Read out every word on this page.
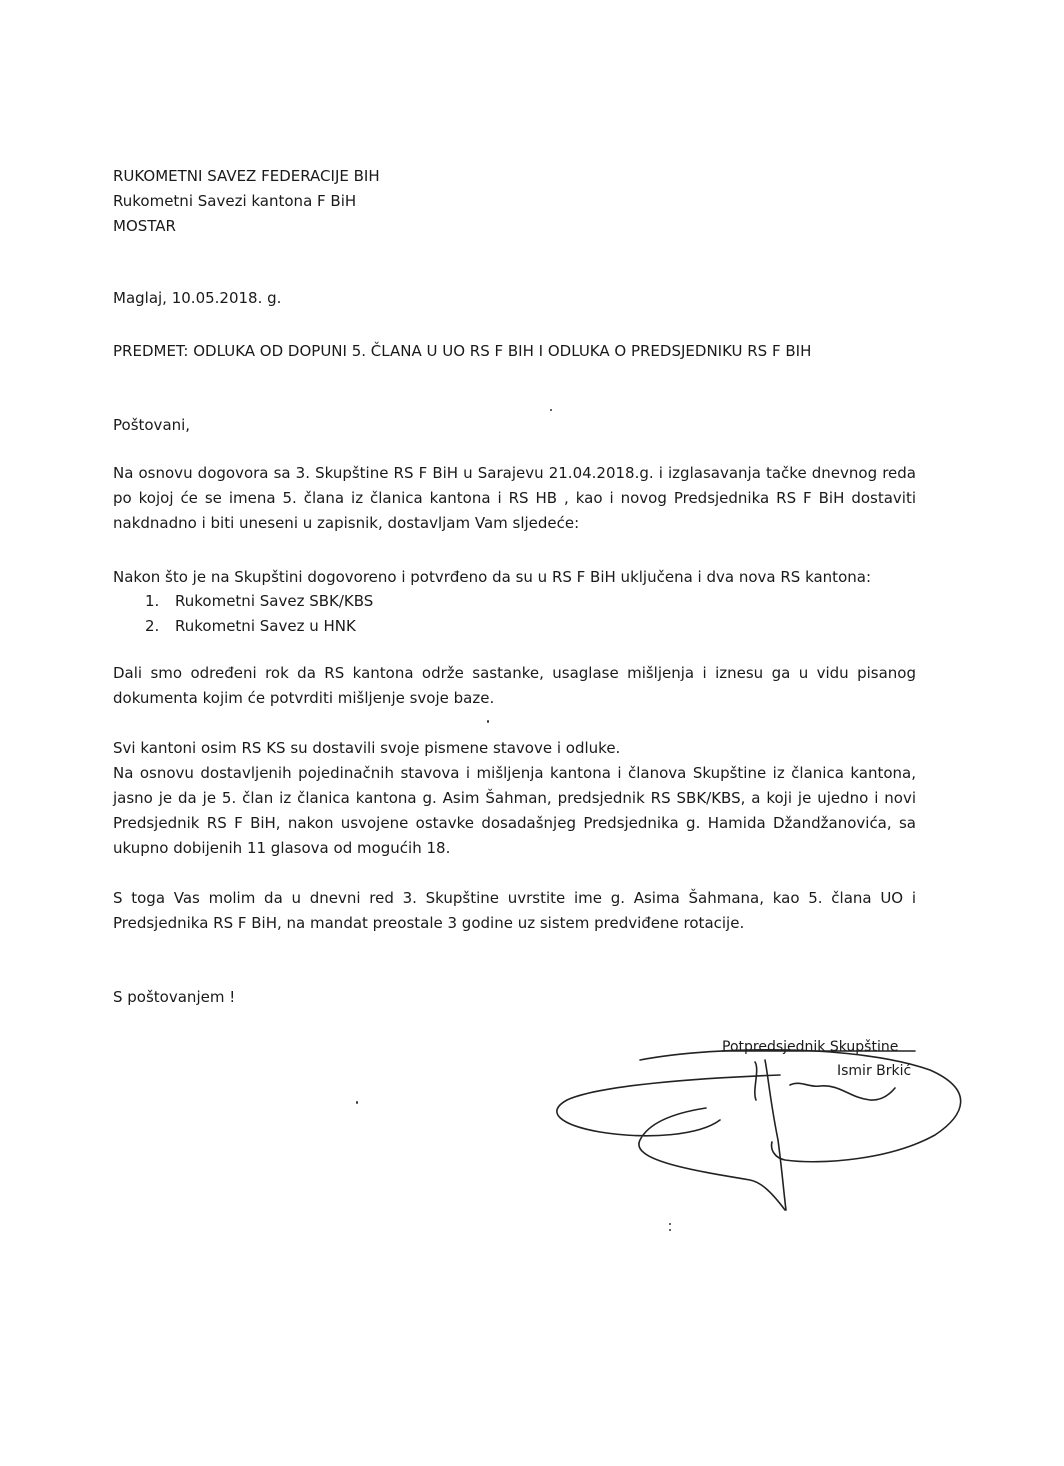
RUKOMETNI SAVEZ FEDERACIJE BIH
Rukometni Savezi kantona F BiH
MOSTAR
Maglaj, 10.05.2018. g.
PREDMET: ODLUKA OD DOPUNI 5. ČLANA U UO RS F BIH I ODLUKA O PREDSJEDNIKU RS F BIH
Poštovani,

Na osnovu dogovora sa 3. Skupštine RS F BiH u Sarajevu 21.04.2018.g. i izglasavanja tačke dnevnog reda po kojoj će se imena 5. člana iz članica kantona i RS HB , kao i novog Predsjednika RS F BiH dostaviti nakdnadno i biti uneseni u zapisnik, dostavljam Vam sljedeće:

Nakon što je na Skupštini dogovoreno i potvrđeno da su u RS F BiH uključena i dva nova RS kantona:
1. Rukometni Savez SBK/KBS
2. Rukometni Savez u HNK

Dali smo određeni rok da RS kantona održe sastanke, usaglase mišljenja i iznesu ga u vidu pisanog dokumenta kojim će potvrditi mišljenje svoje baze.

Svi kantoni osim RS KS su dostavili svoje pismene stavove i odluke.

Na osnovu dostavljenih pojedinačnih stavova i mišljenja kantona i članova Skupštine iz članica kantona, jasno je da je 5. član iz članica kantona g. Asim Šahman, predsjednik RS SBK/KBS, a koji je ujedno i novi Predsjednik RS F BiH, nakon usvojene ostavke dosadašnjeg Predsjednika g. Hamida Džandžanovića, sa ukupno dobijenih 11 glasova od mogućih 18.

S toga Vas molim da u dnevni red 3. Skupštine uvrstite ime g. Asima Šahmana, kao 5. člana UO i Predsjednika RS F BiH, na mandat preostale 3 godine uz sistem predviđene rotacije.

S poštovanjem !
Potpredsjednik Skupštine
Ismir Brkić
